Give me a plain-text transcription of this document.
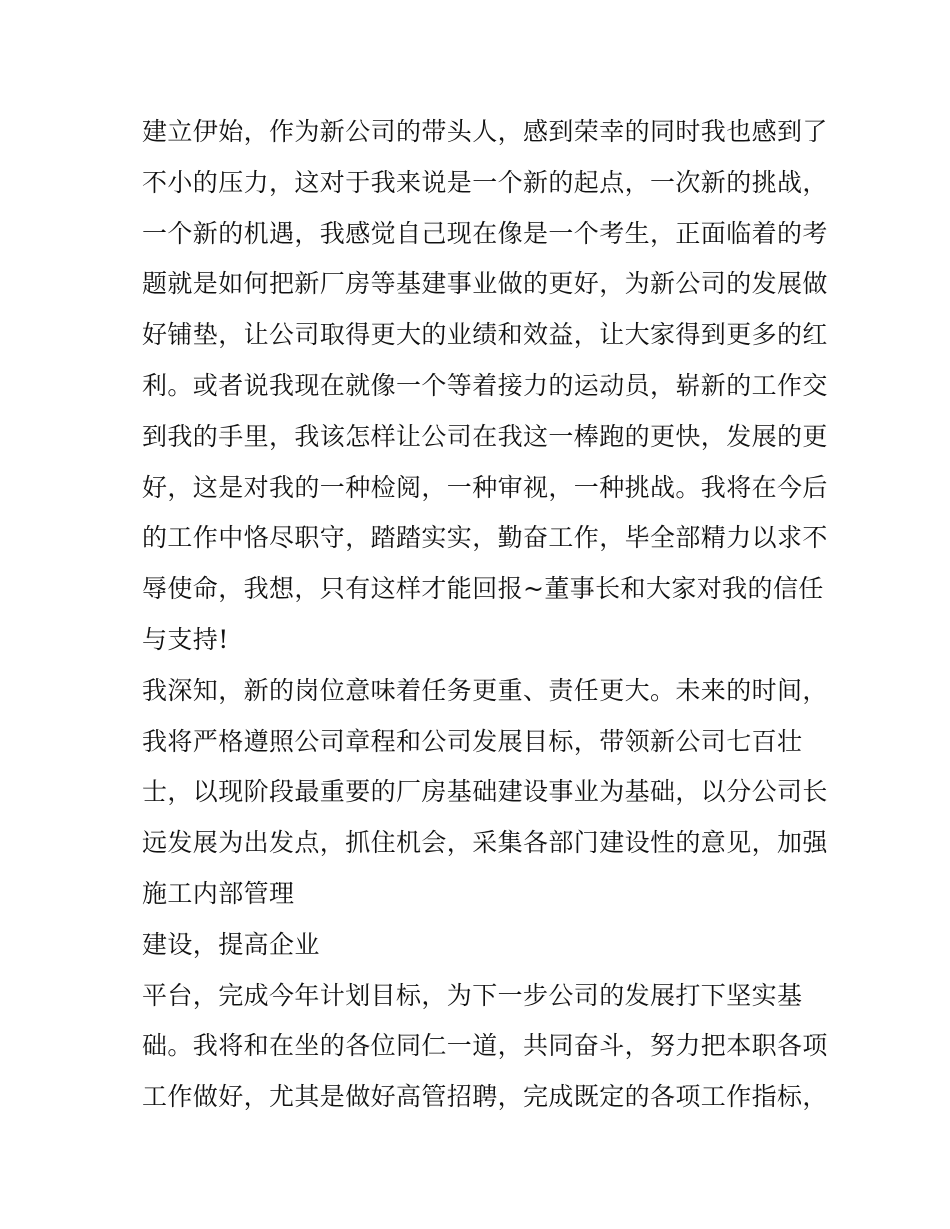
建立伊始，作为新公司的带头人，感到荣幸的同时我也感到了

不小的压力，这对于我来说是一个新的起点，一次新的挑战，

一个新的机遇，我感觉自己现在像是一个考生，正面临着的考

题就是如何把新厂房等基建事业做的更好，为新公司的发展做

好铺垫，让公司取得更大的业绩和效益，让大家得到更多的红

利。或者说我现在就像一个等着接力的运动员，崭新的工作交

到我的手里，我该怎样让公司在我这一棒跑的更快，发展的更

好，这是对我的一种检阅，一种审视，一种挑战。我将在今后

的工作中恪尽职守，踏踏实实，勤奋工作，毕全部精力以求不

辱使命，我想，只有这样才能回报~董事长和大家对我的信任

与支持!

我深知，新的岗位意味着任务更重、责任更大。未来的时间，

我将严格遵照公司章程和公司发展目标，带领新公司七百壮

士，以现阶段最重要的厂房基础建设事业为基础，以分公司长

远发展为出发点，抓住机会，采集各部门建设性的意见，加强

施工内部管理

建设，提高企业

平台，完成今年计划目标，为下一步公司的发展打下坚实基

础。我将和在坐的各位同仁一道，共同奋斗，努力把本职各项

工作做好，尤其是做好高管招聘，完成既定的各项工作指标，
